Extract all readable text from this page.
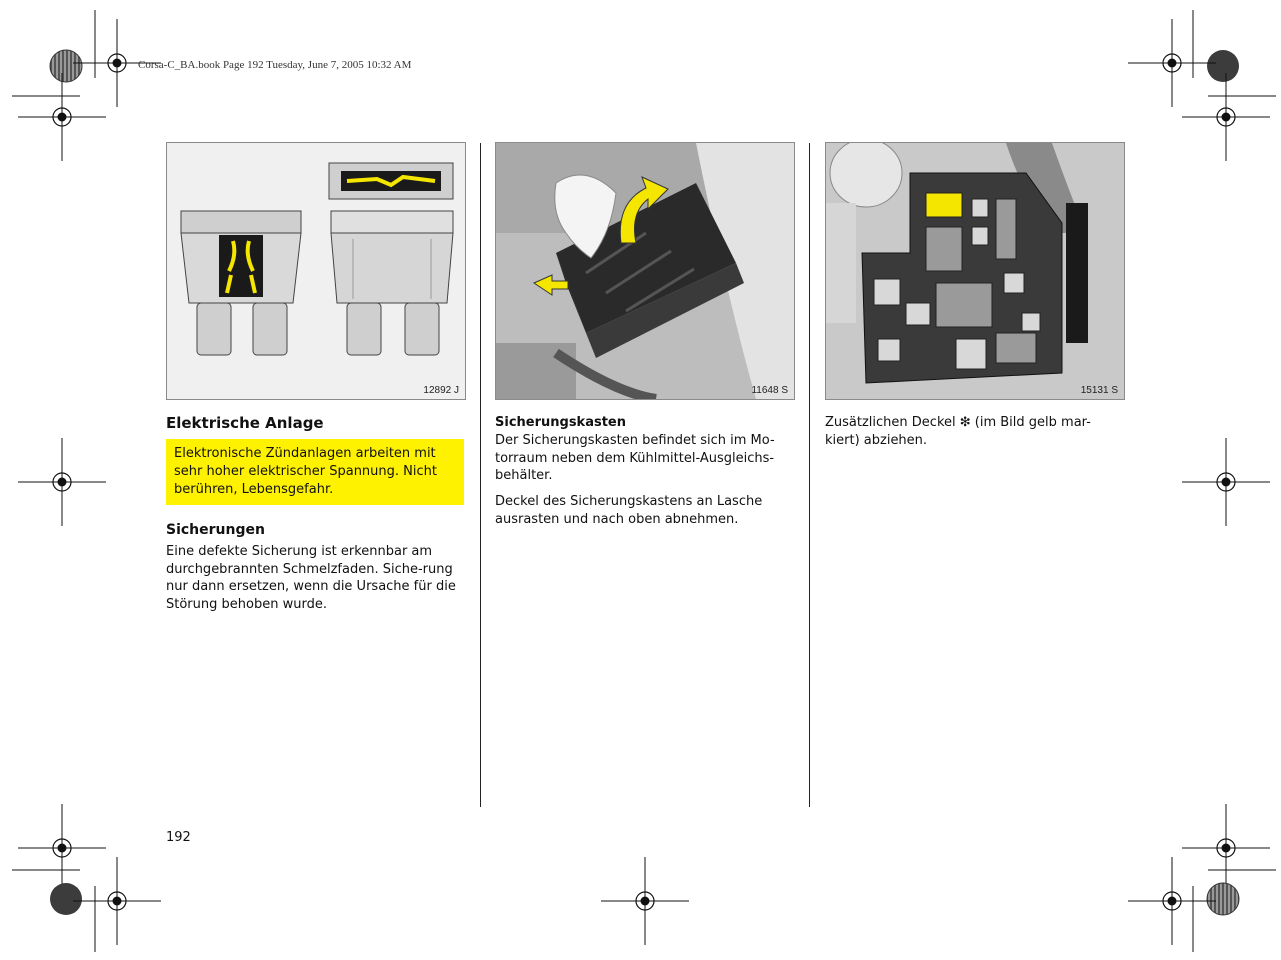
Corsa-C_BA.book Page 192 Tuesday, June 7, 2005 10:32 AM
12892 J	11648 S	15131 S
Elektrische Anlage
Elektronische Zündanlagen arbeiten mit sehr hoher elektrischer Spannung. Nicht berühren, Lebensgefahr.
Sicherungen

Eine defekte Sicherung ist erkennbar am durchgebrannten Schmelzfaden. Siche-rung nur dann ersetzen, wenn die Ursache für die Störung behoben wurde.

Sicherungskasten

Der Sicherungskasten befindet sich im Mo-torraum neben dem Kühlmittel-Ausgleichs-behälter.

Deckel des Sicherungskastens an Lasche ausrasten und nach oben abnehmen.

Zusätzlichen Deckel ❇ (im Bild gelb mar-kiert) abziehen.

192
